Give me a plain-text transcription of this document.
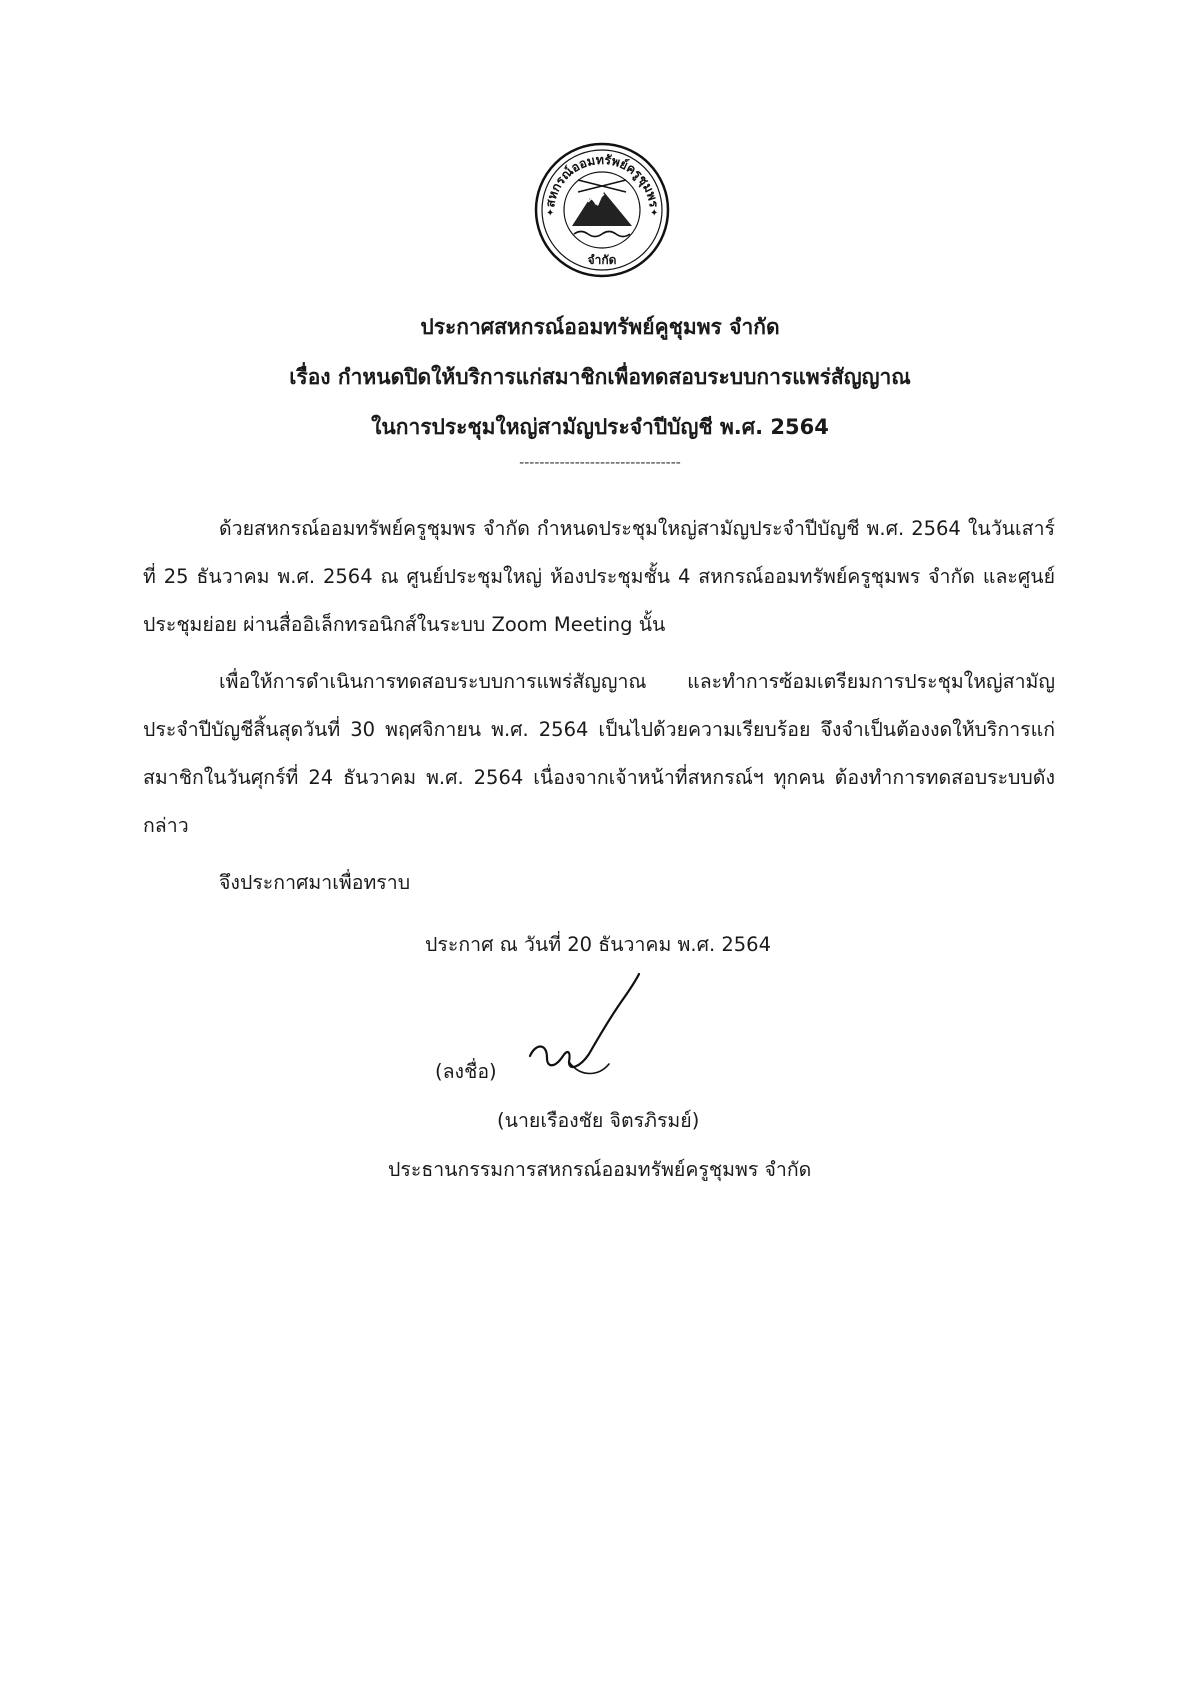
✦	✦
สหกรณ์ออมทรัพย์ครูชุมพร
จำกัด
ประกาศสหกรณ์ออมทรัพย์คูชุมพร จำกัด
เรื่อง กำหนดปิดให้บริการแก่สมาชิกเพื่อทดสอบระบบการแพร่สัญญาณ
ในการประชุมใหญ่สามัญประจำปีบัญชี พ.ศ. 2564
--------------------------------
ด้วยสหกรณ์ออมทรัพย์ครูชุมพร จำกัด กำหนดประชุมใหญ่สามัญประจำปีบัญชี พ.ศ. 2564 ในวันเสาร์ที่ 25 ธันวาคม พ.ศ. 2564 ณ ศูนย์ประชุมใหญ่ ห้องประชุมชั้น 4 สหกรณ์ออมทรัพย์ครูชุมพร จำกัด และศูนย์ประชุมย่อย ผ่านสื่ออิเล็กทรอนิกส์ในระบบ Zoom Meeting นั้น
เพื่อให้การดำเนินการทดสอบระบบการแพร่สัญญาณ และทำการซ้อมเตรียมการประชุมใหญ่สามัญประจำปีบัญชีสิ้นสุดวันที่ 30 พฤศจิกายน พ.ศ. 2564 เป็นไปด้วยความเรียบร้อย จึงจำเป็นต้องงดให้บริการแก่สมาชิกในวันศุกร์ที่ 24 ธันวาคม พ.ศ. 2564 เนื่องจากเจ้าหน้าที่สหกรณ์ฯ ทุกคน ต้องทำการทดสอบระบบดังกล่าว
จึงประกาศมาเพื่อทราบ
ประกาศ ณ วันที่ 20 ธันวาคม พ.ศ. 2564
(ลงชื่อ)
(นายเรืองชัย จิตรภิรมย์)
ประธานกรรมการสหกรณ์ออมทรัพย์ครูชุมพร จำกัด
